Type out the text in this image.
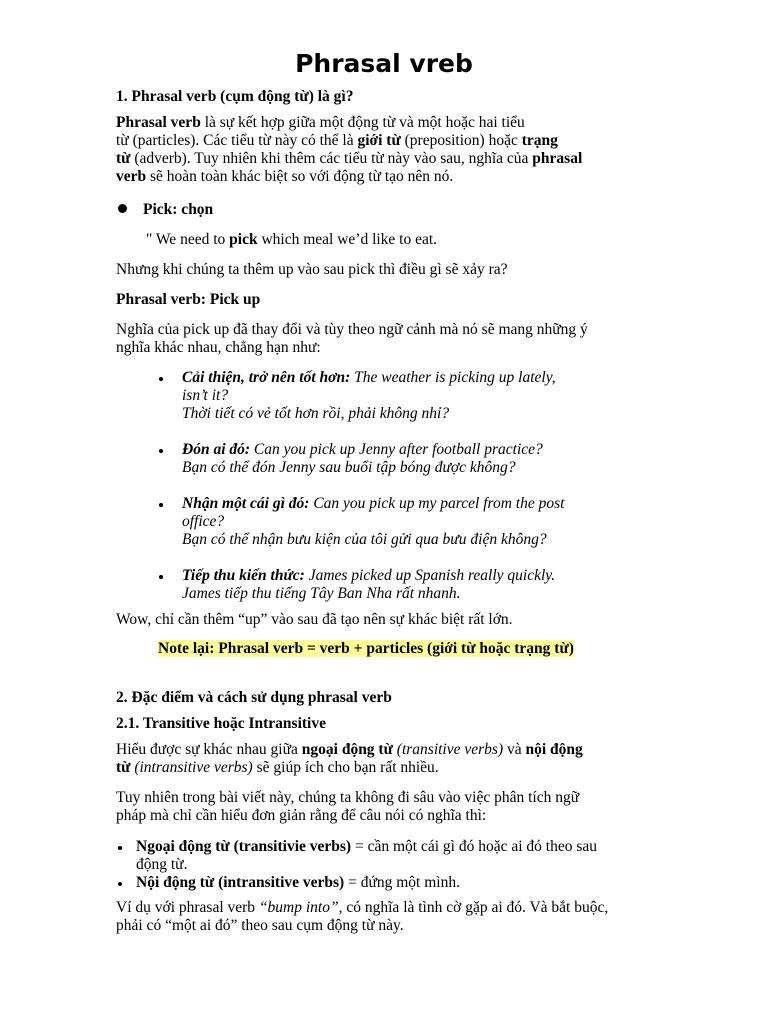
Phrasal vreb
1. Phrasal verb (cụm động từ) là gì?
Phrasal verb là sự kết hợp giữa một động từ và một hoặc hai tiểu
từ (particles). Các tiểu từ này có thể là giới từ (preposition) hoặc trạng
từ (adverb). Tuy nhiên khi thêm các tiểu từ này vào sau, nghĩa của phrasal
verb sẽ hoàn toàn khác biệt so với động từ tạo nên nó.
Pick: chọn
" We need to pick which meal we’d like to eat.
Nhưng khi chúng ta thêm up vào sau pick thì điều gì sẽ xảy ra?
Phrasal verb: Pick up
Nghĩa của pick up đã thay đổi và tùy theo ngữ cảnh mà nó sẽ mang những ý
nghĩa khác nhau, chẳng hạn như:
Cải thiện, trở nên tốt hơn: The weather is picking up lately,
isn’t it?
Thời tiết có vẻ tốt hơn rồi, phải không nhỉ?
Đón ai đó: Can you pick up Jenny after football practice?
Bạn có thể đón Jenny sau buổi tập bóng được không?
Nhận một cái gì đó: Can you pick up my parcel from the post
office?
Bạn có thể nhận bưu kiện của tôi gửi qua bưu điện không?
Tiếp thu kiến thức: James picked up Spanish really quickly.
James tiếp thu tiếng Tây Ban Nha rất nhanh.
Wow, chỉ cần thêm “up” vào sau đã tạo nên sự khác biệt rất lớn.
Note lại: Phrasal verb = verb + particles (giới từ hoặc trạng từ)
2. Đặc điểm và cách sử dụng phrasal verb
2.1. Transitive hoặc Intransitive
Hiểu được sự khác nhau giữa ngoại động từ (transitive verbs) và nội động
từ (intransitive verbs) sẽ giúp ích cho bạn rất nhiều.
Tuy nhiên trong bài viết này, chúng ta không đi sâu vào việc phân tích ngữ
pháp mà chỉ cần hiểu đơn giản rằng để câu nói có nghĩa thì:
Ngoại động từ (transitivie verbs) = cần một cái gì đó hoặc ai đó theo sau
động từ.
Nội động từ (intransitive verbs) = đứng một mình.
Ví dụ với phrasal verb “bump into”, có nghĩa là tình cờ gặp ai đó. Và bắt buộc,
phải có “một ai đó” theo sau cụm động từ này.
